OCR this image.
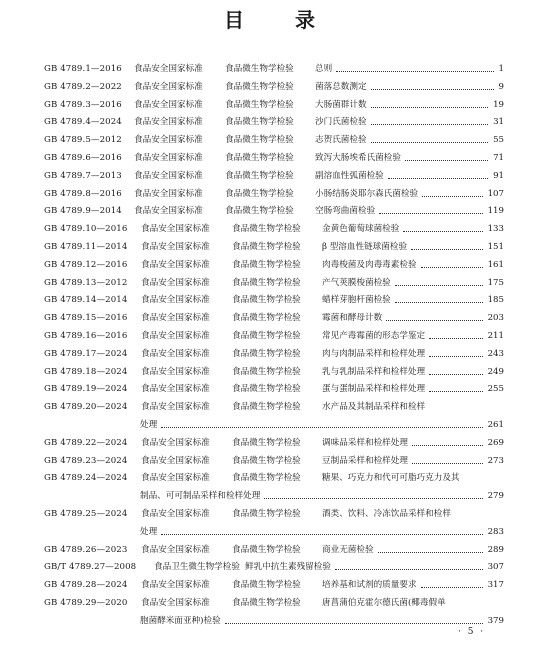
目 录
GB 4789.1—2016 食品安全国家标准	食品微生物学检验 总则	1
GB 4789.2—2022 食品安全国家标准	食品微生物学检验 菌落总数测定	9
GB 4789.3—2016 食品安全国家标准	食品微生物学检验 大肠菌群计数	19
GB 4789.4—2024 食品安全国家标准	食品微生物学检验 沙门氏菌检验	31
GB 4789.5—2012 食品安全国家标准	食品微生物学检验 志贺氏菌检验	55
GB 4789.6—2016 食品安全国家标准	食品微生物学检验 致泻大肠埃希氏菌检验	71
GB 4789.7—2013 食品安全国家标准	食品微生物学检验 副溶血性弧菌检验	91
GB 4789.8—2016 食品安全国家标准	食品微生物学检验 小肠结肠炎耶尔森氏菌检验	107
GB 4789.9—2014 食品安全国家标准	食品微生物学检验 空肠弯曲菌检验	119
GB 4789.10—2016 食品安全国家标准	食品微生物学检验 金黄色葡萄球菌检验	133
GB 4789.11—2014 食品安全国家标准	食品微生物学检验 β 型溶血性链球菌检验	151
GB 4789.12—2016 食品安全国家标准	食品微生物学检验 肉毒梭菌及肉毒毒素检验	161
GB 4789.13—2012 食品安全国家标准	食品微生物学检验 产气荚膜梭菌检验	175
GB 4789.14—2014 食品安全国家标准	食品微生物学检验 蜡样芽胞杆菌检验	185
GB 4789.15—2016 食品安全国家标准	食品微生物学检验 霉菌和酵母计数	203
GB 4789.16—2016 食品安全国家标准	食品微生物学检验 常见产毒霉菌的形态学鉴定	211
GB 4789.17—2024 食品安全国家标准	食品微生物学检验 肉与肉制品采样和检样处理	243
GB 4789.18—2024 食品安全国家标准	食品微生物学检验 乳与乳制品采样和检样处理	249
GB 4789.19—2024 食品安全国家标准	食品微生物学检验 蛋与蛋制品采样和检样处理	255
GB 4789.20—2024 食品安全国家标准	食品微生物学检验 水产品及其制品采样和检样
处理	261
GB 4789.22—2024 食品安全国家标准	食品微生物学检验 调味品采样和检样处理	269
GB 4789.23—2024 食品安全国家标准	食品微生物学检验 豆制品采样和检样处理	273
GB 4789.24—2024 食品安全国家标准	食品微生物学检验 糖果、巧克力和代可可脂巧克力及其
制品、可可制品采样和检样处理	279
GB 4789.25—2024 食品安全国家标准	食品微生物学检验 酒类、饮料、冷冻饮品采样和检样
处理	283
GB 4789.26—2023 食品安全国家标准	食品微生物学检验 商业无菌检验	289
GB/T 4789.27—2008 食品卫生微生物学检验 鲜乳中抗生素残留检验	307
GB 4789.28—2024 食品安全国家标准	食品微生物学检验 培养基和试剂的质量要求	317
GB 4789.29—2020 食品安全国家标准	食品微生物学检验 唐菖蒲伯克霍尔德氏菌(椰毒假单
胞菌酵米面亚种)检验	379
· 5 ·
